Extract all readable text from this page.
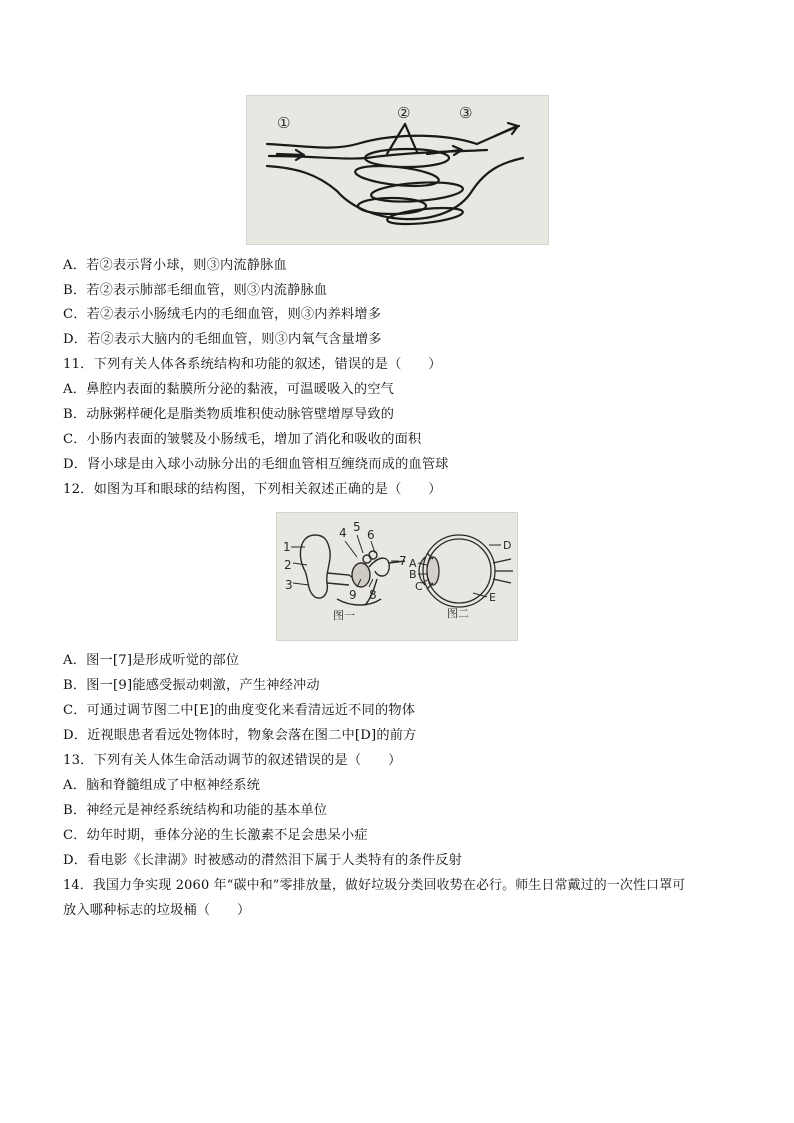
①
②	③
A．若②表示肾小球，则③内流静脉血
B．若②表示肺部毛细血管，则③内流静脉血
C．若②表示小肠绒毛内的毛细血管，则③内养料增多
D．若②表示大脑内的毛细血管，则③内氧气含量增多
11．下列有关人体各系统结构和功能的叙述，错误的是（　　）
A．鼻腔内表面的黏膜所分泌的黏液，可温暖吸入的空气
B．动脉粥样硬化是脂类物质堆积使动脉管壁增厚导致的
C．小肠内表面的皱襞及小肠绒毛，增加了消化和吸收的面积
D．肾小球是由入球小动脉分出的毛细血管相互缠绕而成的血管球
12．如图为耳和眼球的结构图，下列相关叙述正确的是（　　）
1
2
3
4 5
6
7
8
9
A
B
C
D
E
图一	图二
A．图一[7]是形成听觉的部位
B．图一[9]能感受振动刺激，产生神经冲动
C．可通过调节图二中[E]的曲度变化来看清远近不同的物体
D．近视眼患者看远处物体时，物象会落在图二中[D]的前方
13．下列有关人体生命活动调节的叙述错误的是（　　）
A．脑和脊髓组成了中枢神经系统
B．神经元是神经系统结构和功能的基本单位
C．幼年时期，垂体分泌的生长激素不足会患呆小症
D．看电影《长津湖》时被感动的潸然泪下属于人类特有的条件反射
14．我国力争实现 2060 年“碳中和”零排放量，做好垃圾分类回收势在必行。师生日常戴过的一次性口罩可
放入哪种标志的垃圾桶（　　）
